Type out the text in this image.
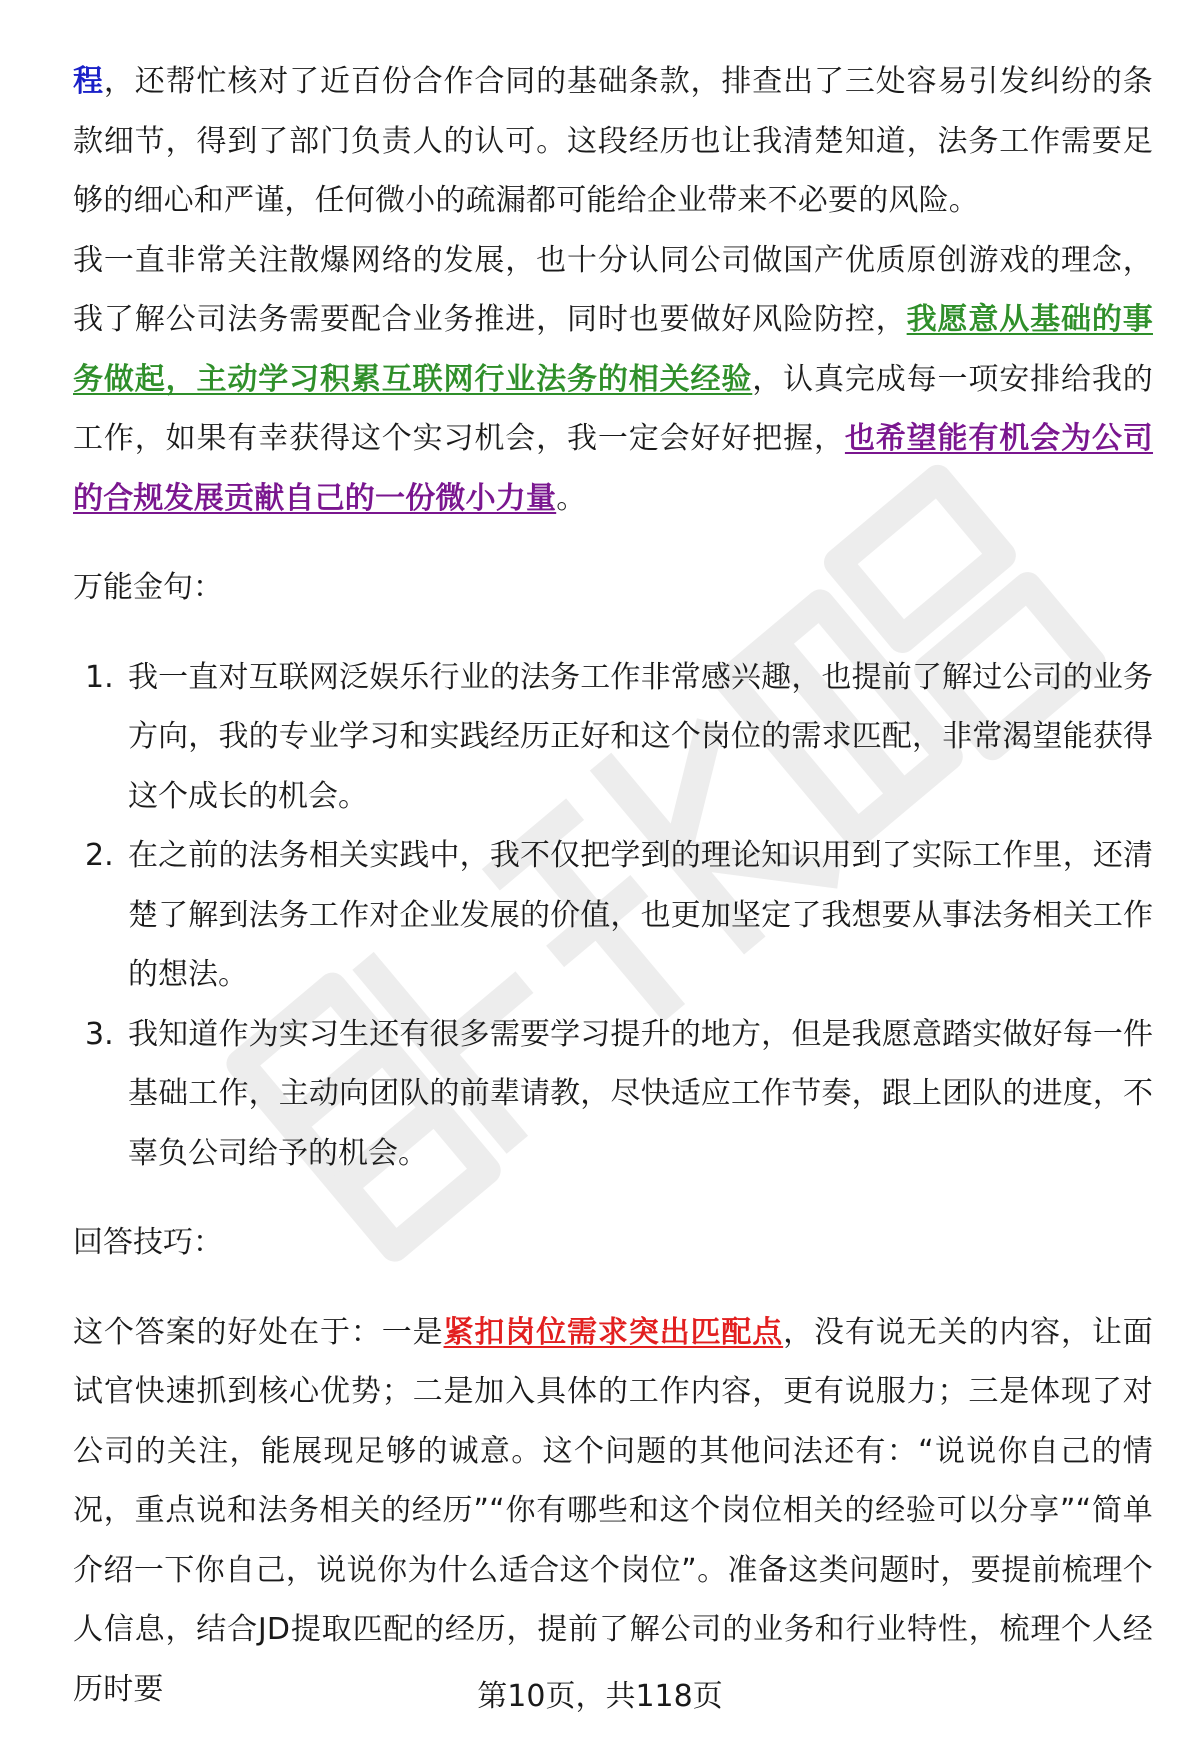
程，还帮忙核对了近百份合作合同的基础条款，排查出了三处容易引发纠纷的条款细节，得到了部门负责人的认可。这段经历也让我清楚知道，法务工作需要足够的细心和严谨，任何微小的疏漏都可能给企业带来不必要的风险。

我一直非常关注散爆网络的发展，也十分认同公司做国产优质原创游戏的理念，我了解公司法务需要配合业务推进，同时也要做好风险防控，我愿意从基础的事务做起，主动学习积累互联网行业法务的相关经验，认真完成每一项安排给我的工作，如果有幸获得这个实习机会，我一定会好好把握，也希望能有机会为公司的合规发展贡献自己的一份微小力量。

万能金句：

1. 我一直对互联网泛娱乐行业的法务工作非常感兴趣，也提前了解过公司的业务方向，我的专业学习和实践经历正好和这个岗位的需求匹配，非常渴望能获得这个成长的机会。
2. 在之前的法务相关实践中，我不仅把学到的理论知识用到了实际工作里，还清楚了解到法务工作对企业发展的价值，也更加坚定了我想要从事法务相关工作的想法。
3. 我知道作为实习生还有很多需要学习提升的地方，但是我愿意踏实做好每一件基础工作，主动向团队的前辈请教，尽快适应工作节奏，跟上团队的进度，不辜负公司给予的机会。

回答技巧：

这个答案的好处在于：一是紧扣岗位需求突出匹配点，没有说无关的内容，让面试官快速抓到核心优势；二是加入具体的工作内容，更有说服力；三是体现了对公司的关注，能展现足够的诚意。这个问题的其他问法还有：“说说你自己的情况，重点说和法务相关的经历”“你有哪些和这个岗位相关的经验可以分享”“简单介绍一下你自己，说说你为什么适合这个岗位”。准备这类问题时，要提前梳理个人信息，结合JD提取匹配的经历，提前了解公司的业务和行业特性，梳理个人经历时要	第10页，共118页
